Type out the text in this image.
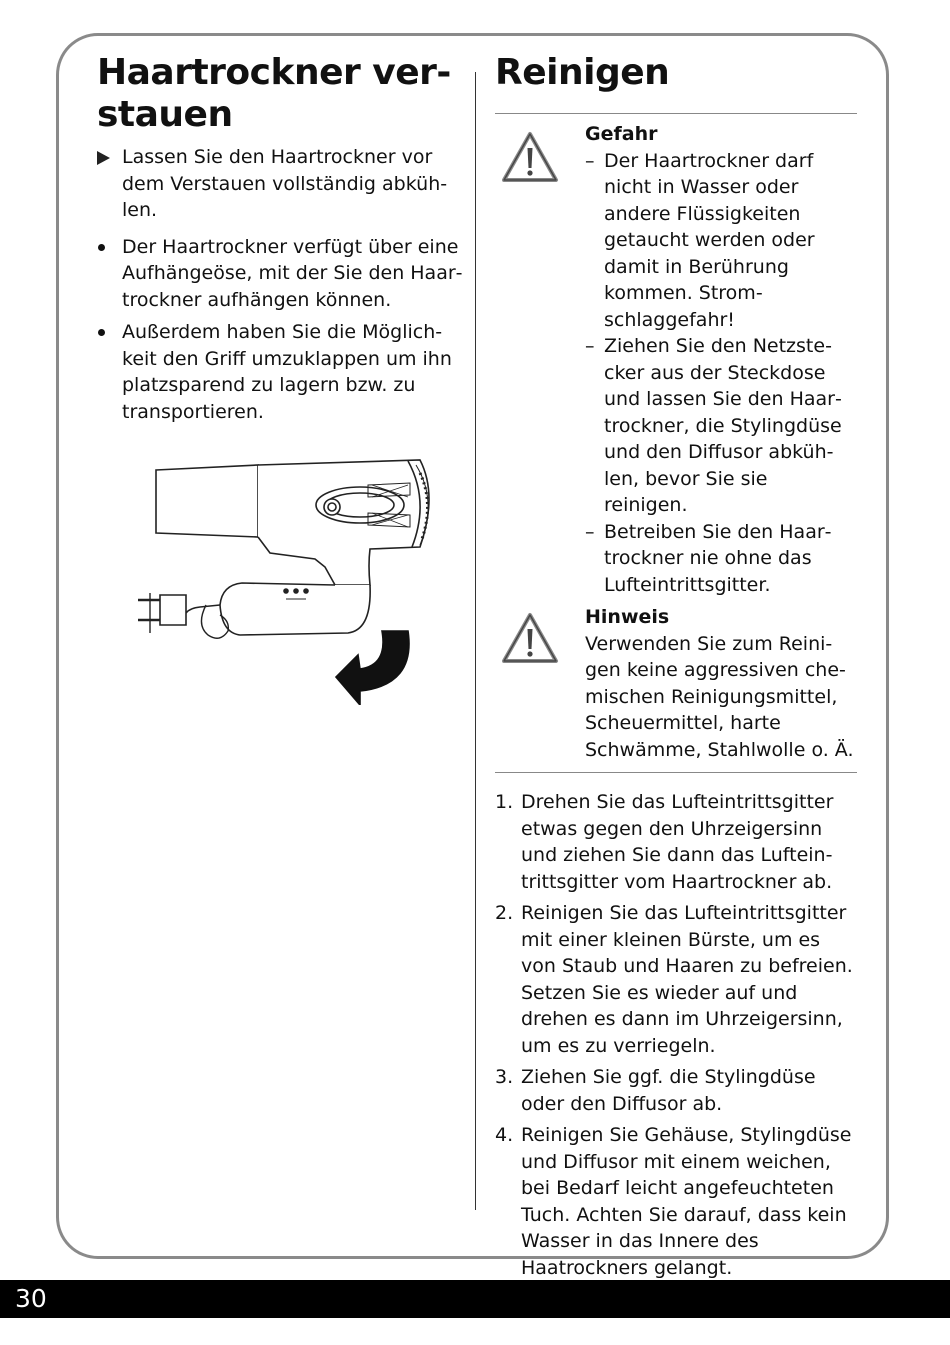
Haartrockner ver-
stauen
Lassen Sie den Haartrockner vor dem Verstauen vollständig abkühlen.
Der Haartrockner verfügt über eine Aufhängeöse, mit der Sie den Haartrockner aufhängen können.
Außerdem haben Sie die Möglichkeit den Griff umzuklappen um ihn platzsparend zu lagern bzw. zu transportieren.
Reinigen
Gefahr
– Der Haartrockner darf nicht in Wasser oder andere Flüssigkeiten getaucht werden oder damit in Berührung kommen. Stromschlaggefahr!
– Ziehen Sie den Netzstecker aus der Steckdose und lassen Sie den Haartrockner, die Stylingdüse und den Diffusor abkühlen, bevor Sie sie reinigen.
– Betreiben Sie den Haartrockner nie ohne das Lufteintrittsgitter.
Hinweis
Verwenden Sie zum Reinigen keine aggressiven chemischen Reinigungsmittel, Scheuermittel, harte Schwämme, Stahlwolle o. Ä.
1. Drehen Sie das Lufteintrittsgitter etwas gegen den Uhrzeigersinn und ziehen Sie dann das Lufteintrittsgitter vom Haartrockner ab.
2. Reinigen Sie das Lufteintrittsgitter mit einer kleinen Bürste, um es von Staub und Haaren zu befreien. Setzen Sie es wieder auf und drehen es dann im Uhrzeigersinn, um es zu verriegeln.
3. Ziehen Sie ggf. die Stylingdüse oder den Diffusor ab.
4. Reinigen Sie Gehäuse, Stylingdüse und Diffusor mit einem weichen, bei Bedarf leicht angefeuchteten Tuch. Achten Sie darauf, dass kein Wasser in das Innere des Haatrockners gelangt.
30
